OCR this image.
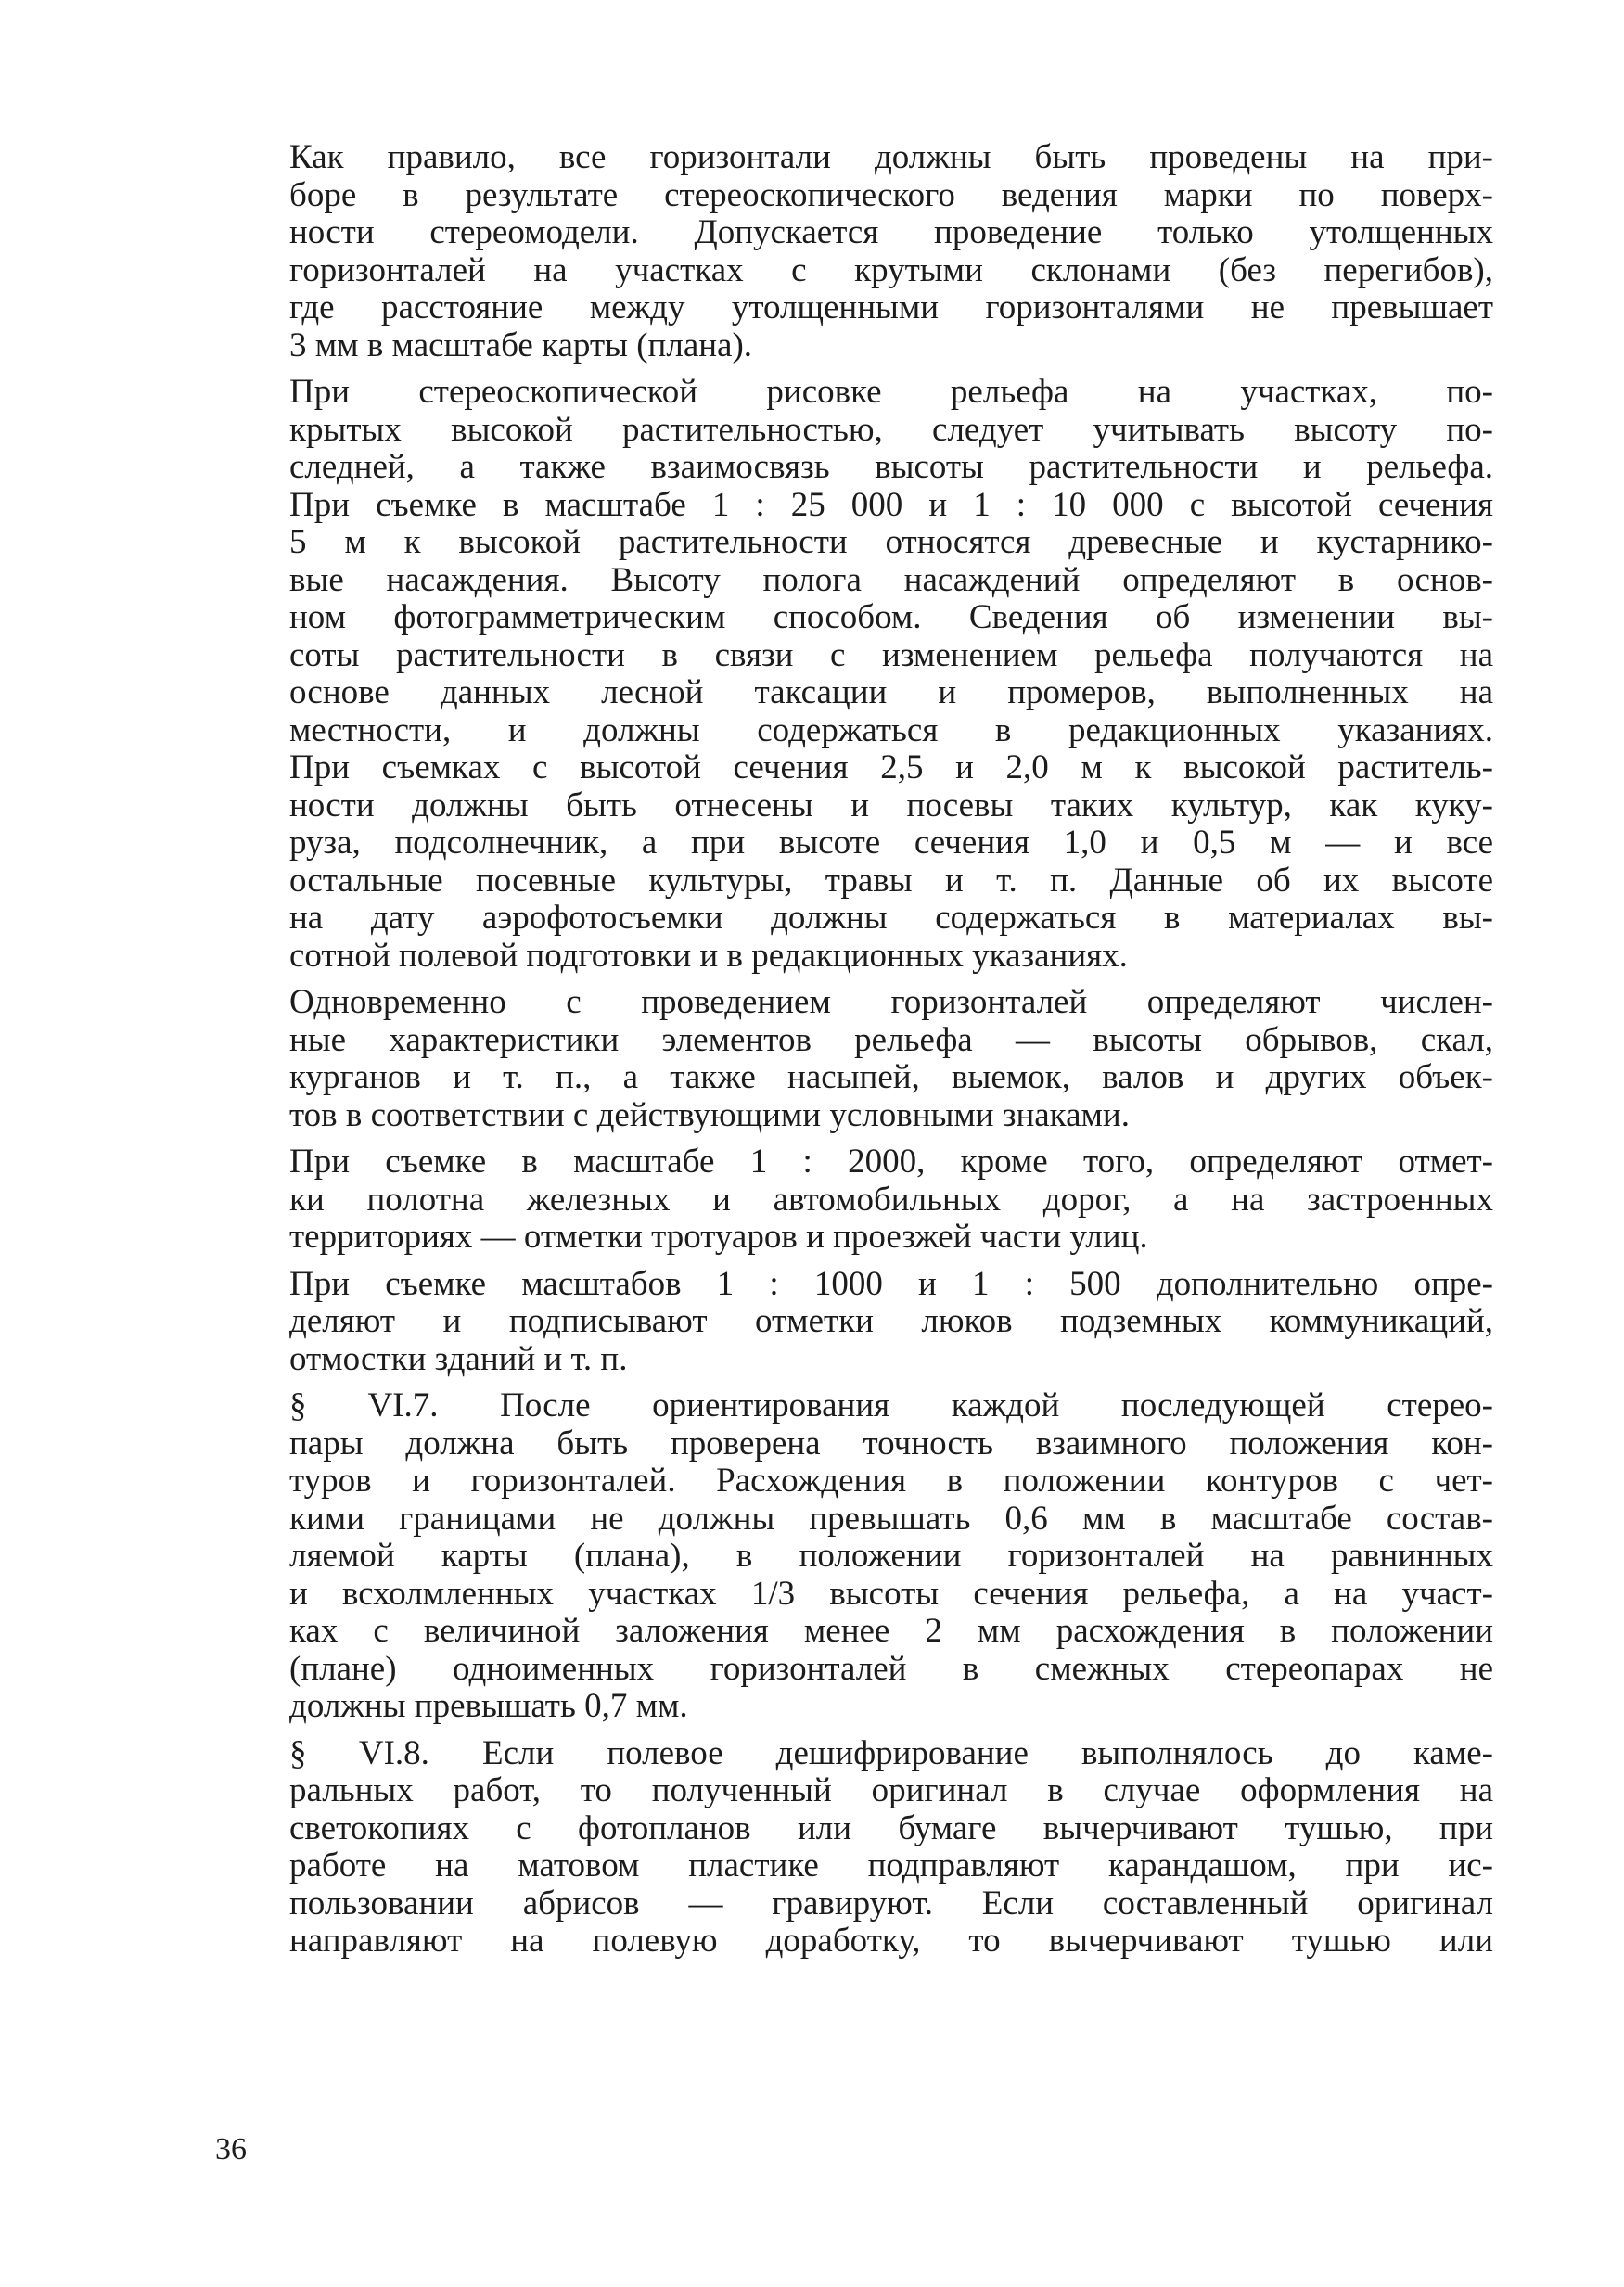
Как правило, все горизонтали должны быть проведены на при-
боре в результате стереоскопического ведения марки по поверх-
ности стереомодели. Допускается проведение только утолщенных
горизонталей на участках с крутыми склонами (без перегибов),
где расстояние между утолщенными горизонталями не превышает
3 мм в масштабе карты (плана).

При стереоскопической рисовке рельефа на участках, по-
крытых высокой растительностью, следует учитывать высоту по-
следней, а также взаимосвязь высоты растительности и рельефа.
При съемке в масштабе 1 : 25 000 и 1 : 10 000 с высотой сечения
5 м к высокой растительности относятся древесные и кустарнико-
вые насаждения. Высоту полога насаждений определяют в основ-
ном фотограмметрическим способом. Сведения об изменении вы-
соты растительности в связи с изменением рельефа получаются на
основе данных лесной таксации и промеров, выполненных на
местности, и должны содержаться в редакционных указаниях.
При съемках с высотой сечения 2,5 и 2,0 м к высокой раститель-
ности должны быть отнесены и посевы таких культур, как куку-
руза, подсолнечник, а при высоте сечения 1,0 и 0,5 м — и все
остальные посевные культуры, травы и т. п. Данные об их высоте
на дату аэрофотосъемки должны содержаться в материалах вы-
сотной полевой подготовки и в редакционных указаниях.

Одновременно с проведением горизонталей определяют числен-
ные характеристики элементов рельефа — высоты обрывов, скал,
курганов и т. п., а также насыпей, выемок, валов и других объек-
тов в соответствии с действующими условными знаками.

При съемке в масштабе 1 : 2000, кроме того, определяют отмет-
ки полотна железных и автомобильных дорог, а на застроенных
территориях — отметки тротуаров и проезжей части улиц.

При съемке масштабов 1 : 1000 и 1 : 500 дополнительно опре-
деляют и подписывают отметки люков подземных коммуникаций,
отмостки зданий и т. п.

§ VI.7. После ориентирования каждой последующей стерео-
пары должна быть проверена точность взаимного положения кон-
туров и горизонталей. Расхождения в положении контуров с чет-
кими границами не должны превышать 0,6 мм в масштабе состав-
ляемой карты (плана), в положении горизонталей на равнинных
и всхолмленных участках 1/3 высоты сечения рельефа, а на участ-
ках с величиной заложения менее 2 мм расхождения в положении
(плане) одноименных горизонталей в смежных стереопарах не
должны превышать 0,7 мм.

§ VI.8. Если полевое дешифрирование выполнялось до каме-
ральных работ, то полученный оригинал в случае оформления на
светокопиях с фотопланов или бумаге вычерчивают тушью, при
работе на матовом пластике подправляют карандашом, при ис-
пользовании абрисов — гравируют. Если составленный оригинал
направляют на полевую доработку, то вычерчивают тушью или

36
